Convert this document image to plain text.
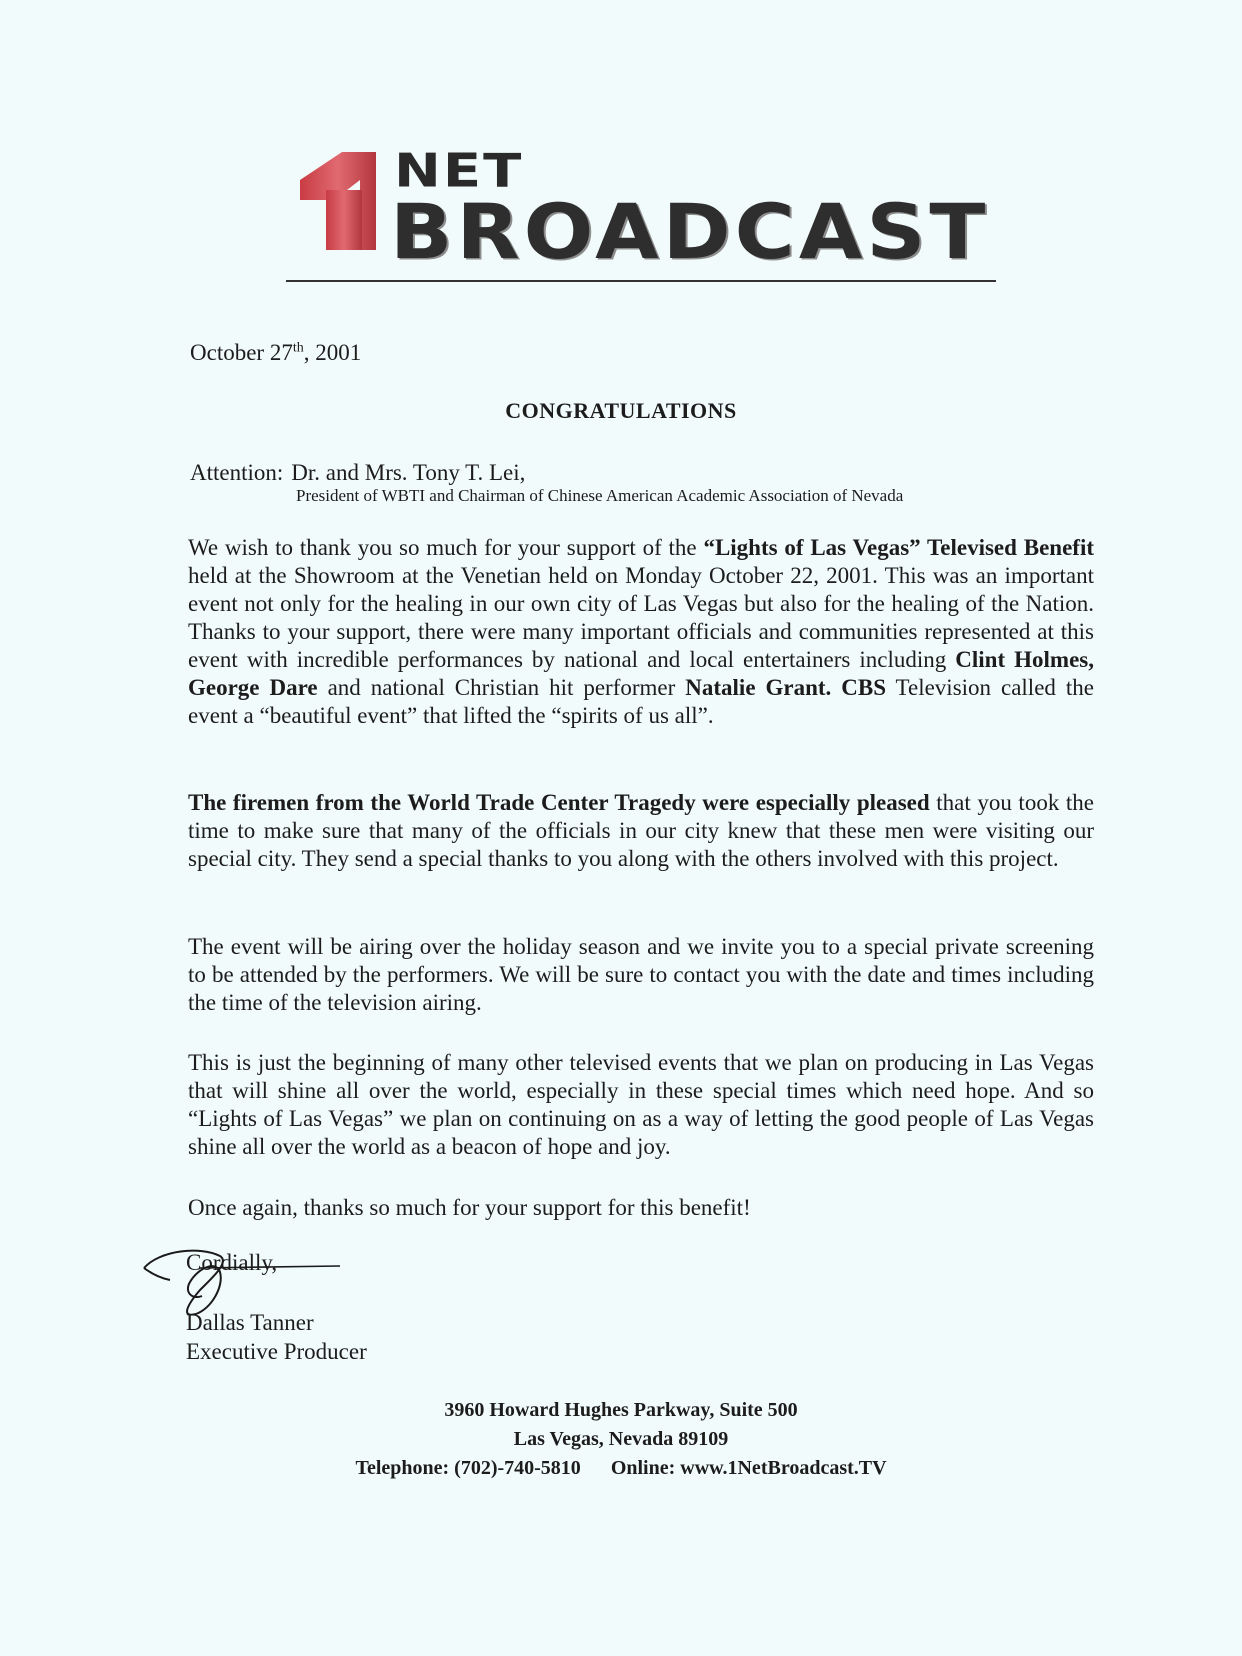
NET
BROADCAST
October 27th, 2001
CONGRATULATIONS
Attention: Dr. and Mrs. Tony T. Lei,
President of WBTI and Chairman of Chinese American Academic Association of Nevada
We wish to thank you so much for your support of the “Lights of Las Vegas” Televised Benefit held at the Showroom at the Venetian held on Monday October 22, 2001. This was an important event not only for the healing in our own city of Las Vegas but also for the healing of the Nation. Thanks to your support, there were many important officials and communities represented at this event with incredible performances by national and local entertainers including Clint Holmes, George Dare and national Christian hit performer Natalie Grant. CBS Television called the event a “beautiful event” that lifted the “spirits of us all”.
The firemen from the World Trade Center Tragedy were especially pleased that you took the time to make sure that many of the officials in our city knew that these men were visiting our special city. They send a special thanks to you along with the others involved with this project.
The event will be airing over the holiday season and we invite you to a special private screening to be attended by the performers. We will be sure to contact you with the date and times including the time of the television airing.
This is just the beginning of many other televised events that we plan on producing in Las Vegas that will shine all over the world, especially in these special times which need hope. And so “Lights of Las Vegas” we plan on continuing on as a way of letting the good people of Las Vegas shine all over the world as a beacon of hope and joy.
Once again, thanks so much for your support for this benefit!
Cordially,
Dallas Tanner
Executive Producer
3960 Howard Hughes Parkway, Suite 500
Las Vegas, Nevada 89109
Telephone: (702)-740-5810 Online: www.1NetBroadcast.TV
